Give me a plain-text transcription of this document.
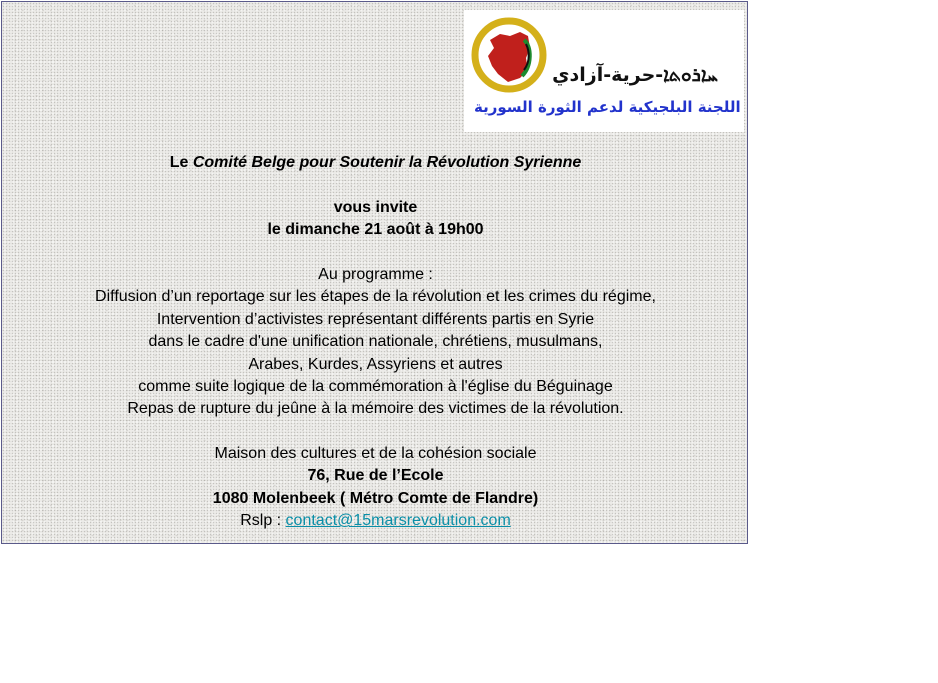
ܚܐܪܘܬܐ-حرية-آزادي
اللجنة البلجيكية لدعم الثورة السورية
Le Comité Belge pour Soutenir la Révolution Syrienne
vous invite
le dimanche 21 août à 19h00
Au programme :
Diffusion d’un reportage sur les étapes de la révolution et les crimes du régime,
Intervention d’activistes représentant différents partis en Syrie
dans le cadre d'une unification nationale, chrétiens, musulmans,
Arabes, Kurdes, Assyriens et autres
comme suite logique de la commémoration à l'église du Béguinage
Repas de rupture du jeûne à la mémoire des victimes de la révolution.
Maison des cultures et de la cohésion sociale
76, Rue de l’Ecole
1080 Molenbeek ( Métro Comte de Flandre)
Rslp : contact@15marsrevolution.com
